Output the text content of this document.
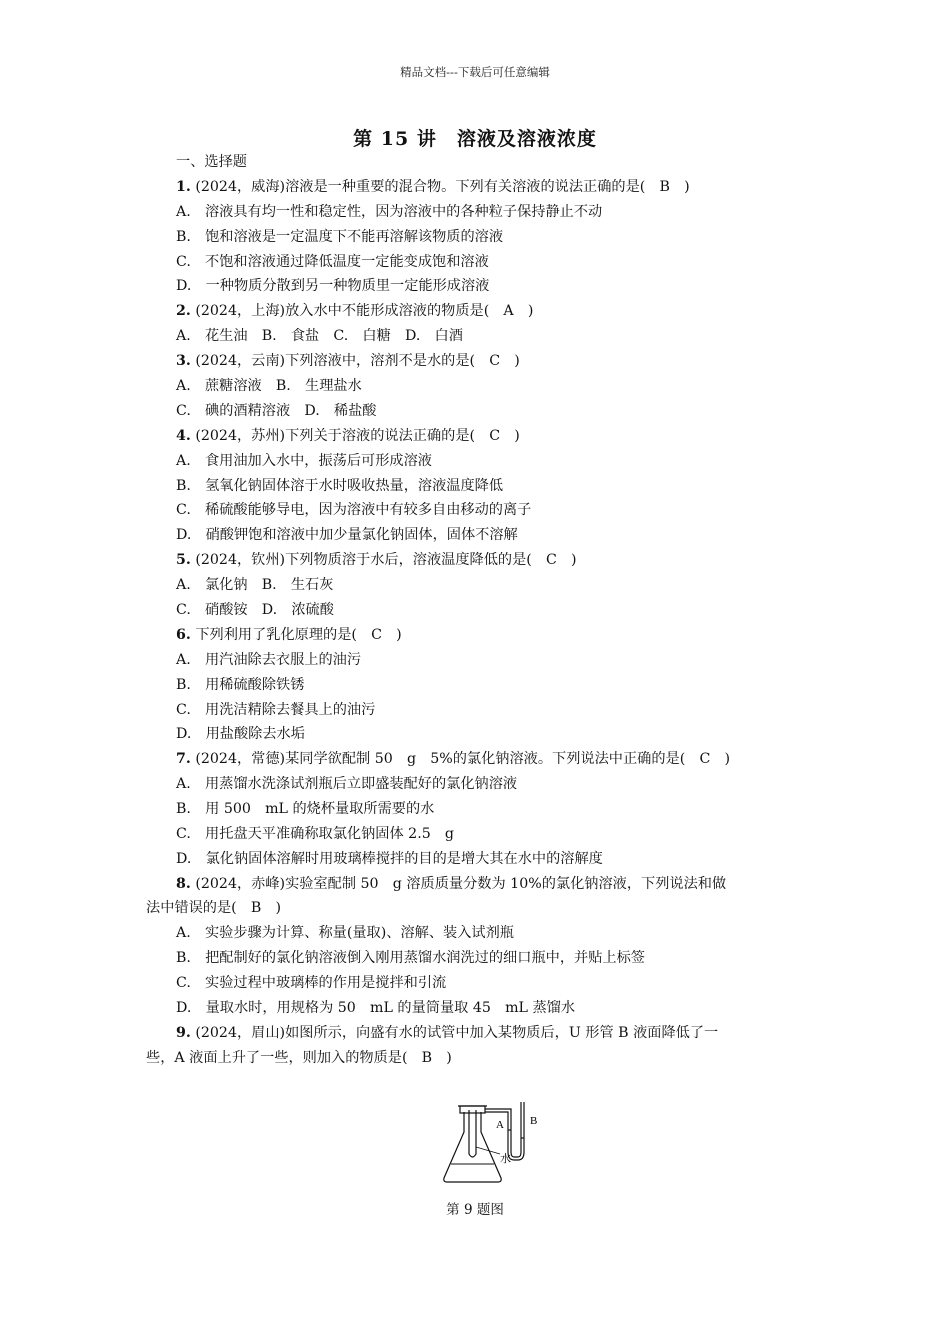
精品文档---下载后可任意编辑
第 15 讲　溶液及溶液浓度
一、选择题
1. (2024，威海)溶液是一种重要的混合物。下列有关溶液的说法正确的是(　B　)
A.　溶液具有均一性和稳定性，因为溶液中的各种粒子保持静止不动
B.　饱和溶液是一定温度下不能再溶解该物质的溶液
C.　不饱和溶液通过降低温度一定能变成饱和溶液
D.　一种物质分散到另一种物质里一定能形成溶液
2. (2024，上海)放入水中不能形成溶液的物质是(　A　)
A.　花生油　B.　食盐　C.　白糖　D.　白酒
3. (2024，云南)下列溶液中，溶剂不是水的是(　C　)
A.　蔗糖溶液　B.　生理盐水
C.　碘的酒精溶液　D.　稀盐酸
4. (2024，苏州)下列关于溶液的说法正确的是(　C　)
A.　食用油加入水中，振荡后可形成溶液
B.　氢氧化钠固体溶于水时吸收热量，溶液温度降低
C.　稀硫酸能够导电，因为溶液中有较多自由移动的离子
D.　硝酸钾饱和溶液中加少量氯化钠固体，固体不溶解
5. (2024，钦州)下列物质溶于水后，溶液温度降低的是(　C　)
A.　氯化钠　B.　生石灰
C.　硝酸铵　D.　浓硫酸
6. 下列利用了乳化原理的是(　C　)
A.　用汽油除去衣服上的油污
B.　用稀硫酸除铁锈
C.　用洗洁精除去餐具上的油污
D.　用盐酸除去水垢
7. (2024，常德)某同学欲配制 50　g　5%的氯化钠溶液。下列说法中正确的是(　C　)
A.　用蒸馏水洗涤试剂瓶后立即盛装配好的氯化钠溶液
B.　用 500　mL 的烧杯量取所需要的水
C.　用托盘天平准确称取氯化钠固体 2.5　g
D.　氯化钠固体溶解时用玻璃棒搅拌的目的是增大其在水中的溶解度
8. (2024，赤峰)实验室配制 50　g 溶质质量分数为 10%的氯化钠溶液，下列说法和做
法中错误的是(　B　)
A.　实验步骤为计算、称量(量取)、溶解、装入试剂瓶
B.　把配制好的氯化钠溶液倒入刚用蒸馏水润洗过的细口瓶中，并贴上标签
C.　实验过程中玻璃棒的作用是搅拌和引流
D.　量取水时，用规格为 50　mL 的量筒量取 45　mL 蒸馏水
9. (2024，眉山)如图所示，向盛有水的试管中加入某物质后，U 形管 B 液面降低了一
些，A 液面上升了一些，则加入的物质是(　B　)
A B
水
第 9 题图
